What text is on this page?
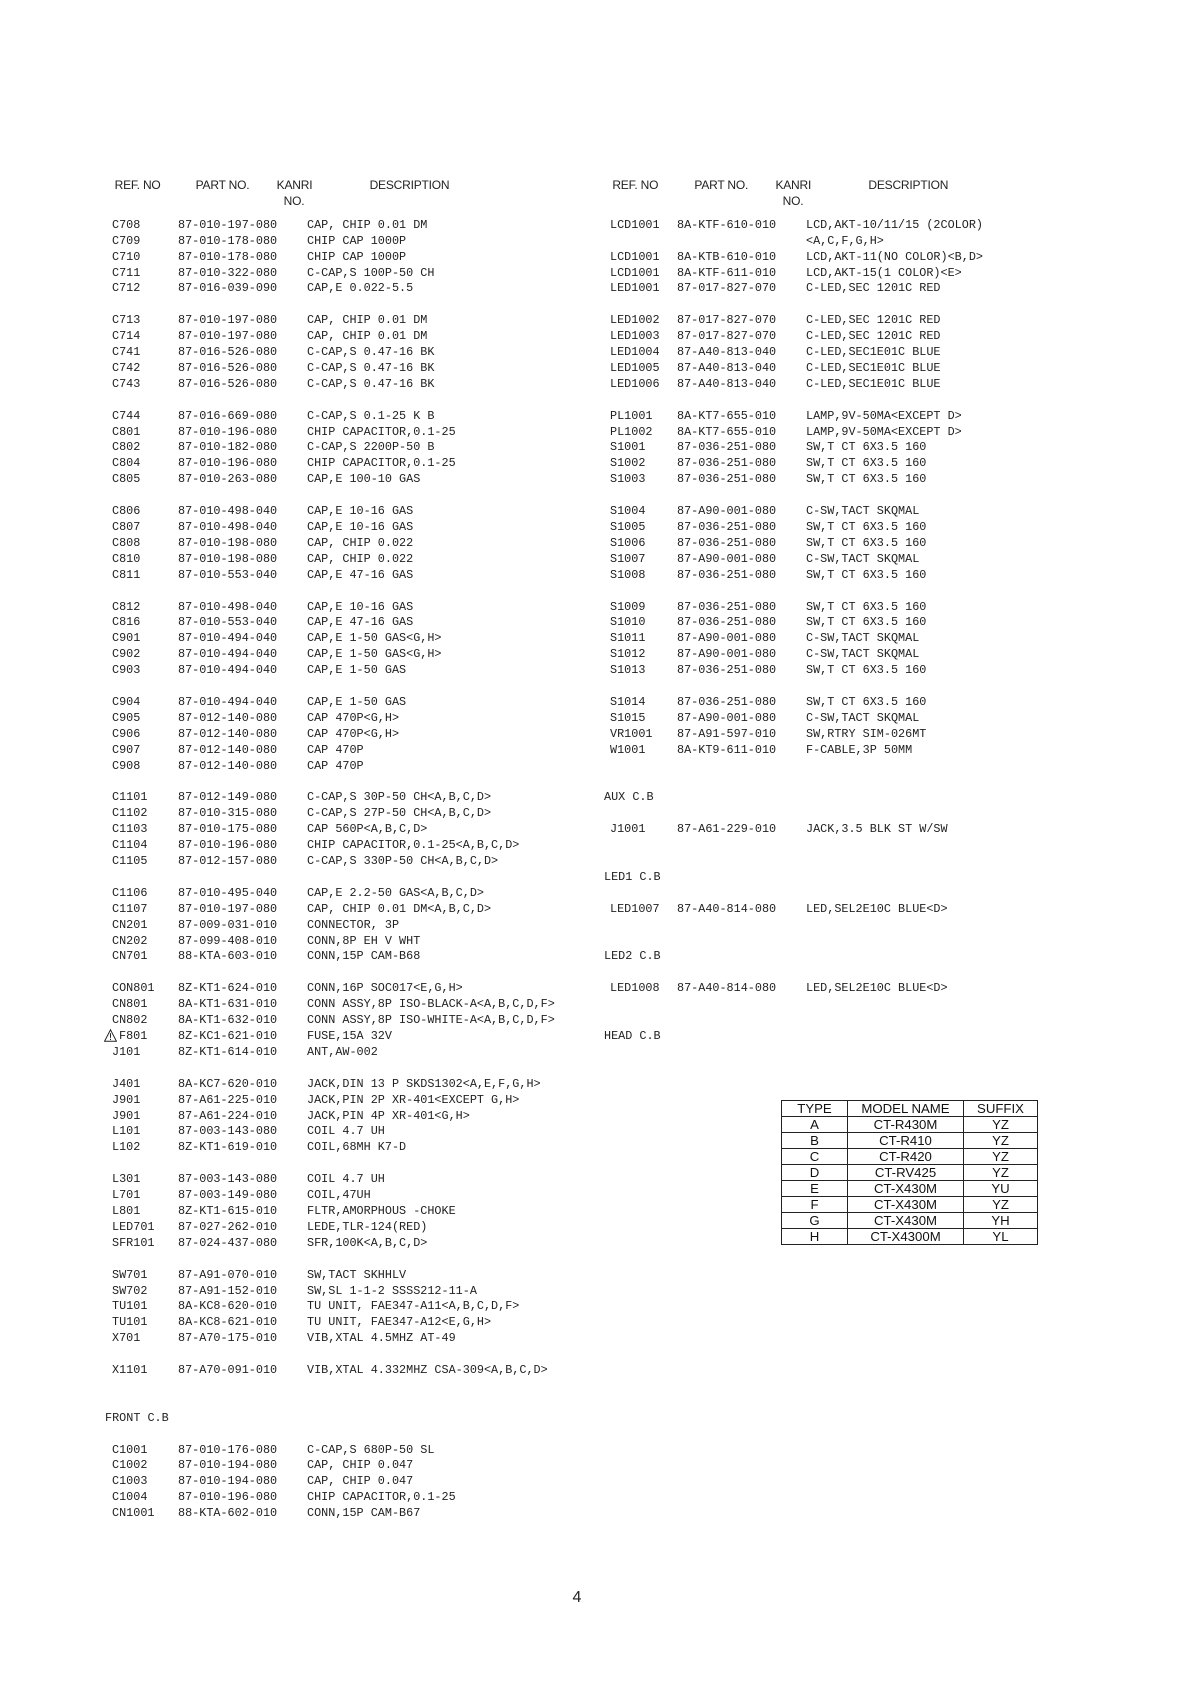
REF. NO	PART NO. KANRI
NO.
DESCRIPTION	REF. NO	PART NO. KANRI
NO.
DESCRIPTION
C708	87-010-197-080	CAP, CHIP 0.01 DM
C709	87-010-178-080	CHIP CAP 1000P
C710	87-010-178-080	CHIP CAP 1000P
C711	87-010-322-080	C-CAP,S 100P-50 CH
C712	87-016-039-090	CAP,E 0.022-5.5
C713	87-010-197-080	CAP, CHIP 0.01 DM
C714	87-010-197-080	CAP, CHIP 0.01 DM
C741	87-016-526-080	C-CAP,S 0.47-16 BK
C742	87-016-526-080	C-CAP,S 0.47-16 BK
C743	87-016-526-080	C-CAP,S 0.47-16 BK
C744	87-016-669-080	C-CAP,S 0.1-25 K B
C801	87-010-196-080	CHIP CAPACITOR,0.1-25
C802	87-010-182-080	C-CAP,S 2200P-50 B
C804	87-010-196-080	CHIP CAPACITOR,0.1-25
C805	87-010-263-080	CAP,E 100-10 GAS
C806	87-010-498-040	CAP,E 10-16 GAS
C807	87-010-498-040	CAP,E 10-16 GAS
C808	87-010-198-080	CAP, CHIP 0.022
C810	87-010-198-080	CAP, CHIP 0.022
C811	87-010-553-040	CAP,E 47-16 GAS
C812	87-010-498-040	CAP,E 10-16 GAS
C816	87-010-553-040	CAP,E 47-16 GAS
C901	87-010-494-040	CAP,E 1-50 GAS<G,H>
C902	87-010-494-040	CAP,E 1-50 GAS<G,H>
C903	87-010-494-040	CAP,E 1-50 GAS
C904	87-010-494-040	CAP,E 1-50 GAS
C905	87-012-140-080	CAP 470P<G,H>
C906	87-012-140-080	CAP 470P<G,H>
C907	87-012-140-080	CAP 470P
C908	87-012-140-080	CAP 470P
C1101	87-012-149-080	C-CAP,S 30P-50 CH<A,B,C,D>
C1102	87-010-315-080	C-CAP,S 27P-50 CH<A,B,C,D>
C1103	87-010-175-080	CAP 560P<A,B,C,D>
C1104	87-010-196-080	CHIP CAPACITOR,0.1-25<A,B,C,D>
C1105	87-012-157-080	C-CAP,S 330P-50 CH<A,B,C,D>
C1106	87-010-495-040	CAP,E 2.2-50 GAS<A,B,C,D>
C1107	87-010-197-080	CAP, CHIP 0.01 DM<A,B,C,D>
CN201	87-009-031-010	CONNECTOR, 3P
CN202	87-099-408-010	CONN,8P EH V WHT
CN701	88-KTA-603-010	CONN,15P CAM-B68
CON801 8Z-KT1-624-010	CONN,16P SOC017<E,G,H>
CN801	8A-KT1-631-010	CONN ASSY,8P ISO-BLACK-A<A,B,C,D,F>
CN802	8A-KT1-632-010	CONN ASSY,8P ISO-WHITE-A<A,B,C,D,F>
F801	8Z-KC1-621-010	FUSE,15A 32V
J101	8Z-KT1-614-010	ANT,AW-002
J401	8A-KC7-620-010	JACK,DIN 13 P SKDS1302<A,E,F,G,H>
J901	87-A61-225-010	JACK,PIN 2P XR-401<EXCEPT G,H>
J901	87-A61-224-010	JACK,PIN 4P XR-401<G,H>
L101	87-003-143-080	COIL 4.7 UH
L102	8Z-KT1-619-010	COIL,68MH K7-D
L301	87-003-143-080	COIL 4.7 UH
L701	87-003-149-080	COIL,47UH
L801	8Z-KT1-615-010	FLTR,AMORPHOUS -CHOKE
LED701 87-027-262-010	LEDE,TLR-124(RED)
SFR101 87-024-437-080	SFR,100K<A,B,C,D>
SW701	87-A91-070-010	SW,TACT SKHHLV
SW702	87-A91-152-010	SW,SL 1-1-2 SSSS212-11-A
TU101	8A-KC8-620-010	TU UNIT, FAE347-A11<A,B,C,D,F>
TU101	8A-KC8-621-010	TU UNIT, FAE347-A12<E,G,H>
X701	87-A70-175-010	VIB,XTAL 4.5MHZ AT-49
X1101	87-A70-091-010	VIB,XTAL 4.332MHZ CSA-309<A,B,C,D>
FRONT C.B
C1001	87-010-176-080	C-CAP,S 680P-50 SL
C1002	87-010-194-080	CAP, CHIP 0.047
C1003	87-010-194-080	CAP, CHIP 0.047
C1004	87-010-196-080	CHIP CAPACITOR,0.1-25
CN1001 88-KTA-602-010	CONN,15P CAM-B67
LCD1001 8A-KTF-610-010	LCD,AKT-10/11/15 (2COLOR)
<A,C,F,G,H>
LCD1001 8A-KTB-610-010	LCD,AKT-11(NO COLOR)<B,D>
LCD1001 8A-KTF-611-010	LCD,AKT-15(1 COLOR)<E>
LED1001 87-017-827-070	C-LED,SEC 1201C RED
LED1002 87-017-827-070	C-LED,SEC 1201C RED
LED1003 87-017-827-070	C-LED,SEC 1201C RED
LED1004 87-A40-813-040	C-LED,SEC1E01C BLUE
LED1005 87-A40-813-040	C-LED,SEC1E01C BLUE
LED1006 87-A40-813-040	C-LED,SEC1E01C BLUE
PL1001 8A-KT7-655-010	LAMP,9V-50MA<EXCEPT D>
PL1002 8A-KT7-655-010	LAMP,9V-50MA<EXCEPT D>
S1001	87-036-251-080	SW,T CT 6X3.5 160
S1002	87-036-251-080	SW,T CT 6X3.5 160
S1003	87-036-251-080	SW,T CT 6X3.5 160
S1004	87-A90-001-080	C-SW,TACT SKQMAL
S1005	87-036-251-080	SW,T CT 6X3.5 160
S1006	87-036-251-080	SW,T CT 6X3.5 160
S1007	87-A90-001-080	C-SW,TACT SKQMAL
S1008	87-036-251-080	SW,T CT 6X3.5 160
S1009	87-036-251-080	SW,T CT 6X3.5 160
S1010	87-036-251-080	SW,T CT 6X3.5 160
S1011	87-A90-001-080	C-SW,TACT SKQMAL
S1012	87-A90-001-080	C-SW,TACT SKQMAL
S1013	87-036-251-080	SW,T CT 6X3.5 160
S1014	87-036-251-080	SW,T CT 6X3.5 160
S1015	87-A90-001-080	C-SW,TACT SKQMAL
VR1001 87-A91-597-010	SW,RTRY SIM-026MT
W1001	8A-KT9-611-010	F-CABLE,3P 50MM
AUX C.B
J1001	87-A61-229-010	JACK,3.5 BLK ST W/SW
LED1 C.B
LED1007 87-A40-814-080	LED,SEL2E10C BLUE<D>
LED2 C.B
LED1008 87-A40-814-080	LED,SEL2E10C BLUE<D>
HEAD C.B
TYPE	MODEL NAME	SUFFIX
A	CT-R430M	YZ
B	CT-R410	YZ
C	CT-R420	YZ
D	CT-RV425	YZ
E	CT-X430M	YU
F	CT-X430M	YZ
G	CT-X430M	YH
H	CT-X4300M	YL
4
